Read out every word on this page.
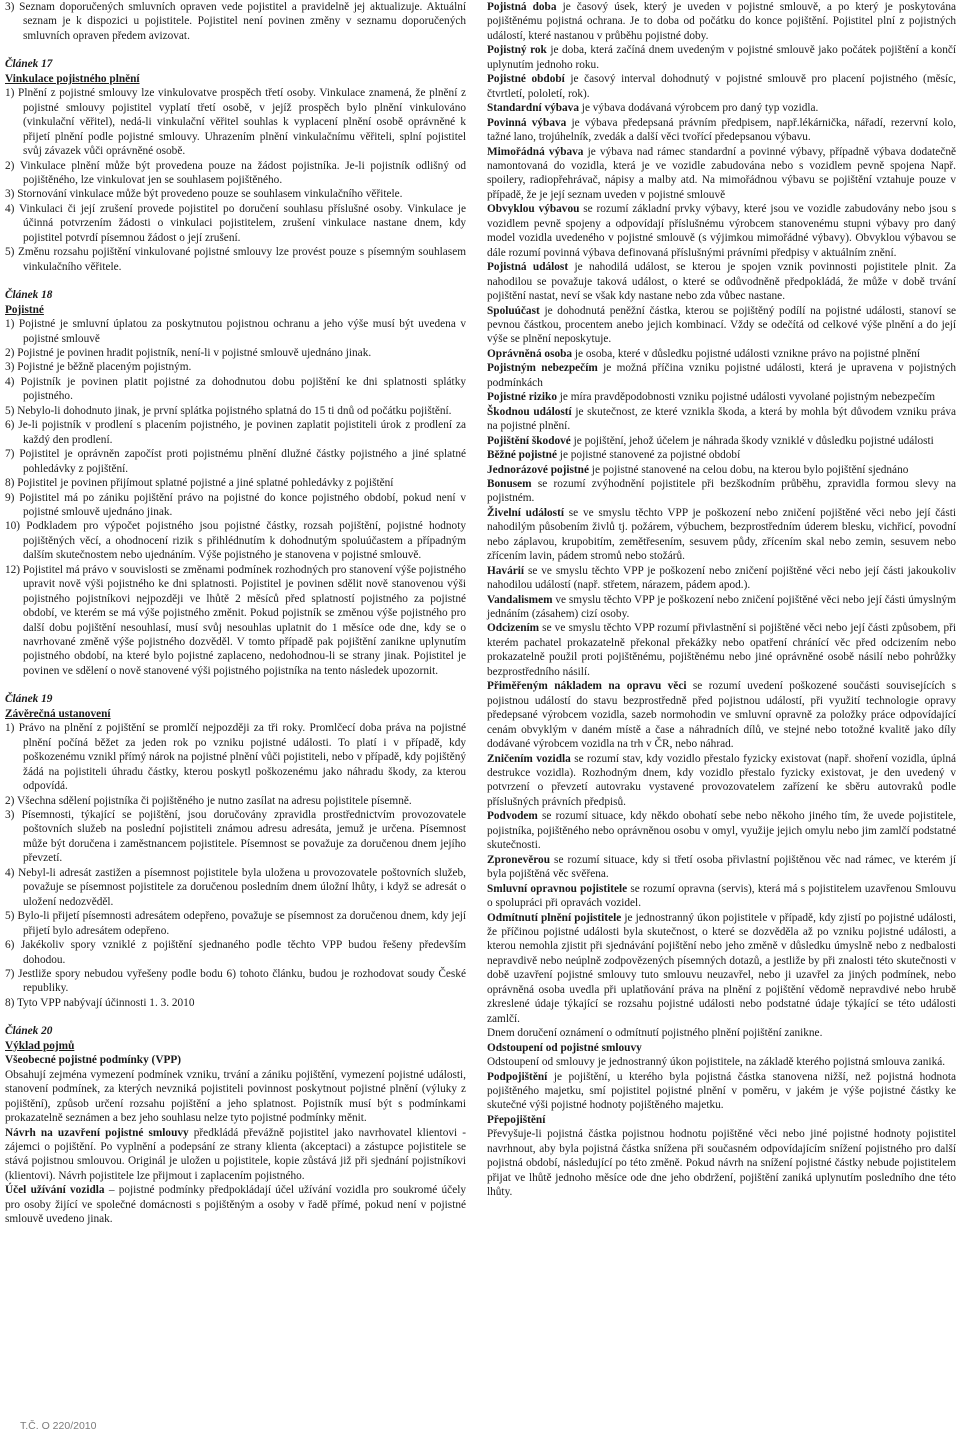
3) Seznam doporučených smluvních opraven vede pojistitel a pravidelně jej aktualizuje. Aktuální seznam je k dispozici u pojistitele. Pojistitel není povinen změny v seznamu doporučených smluvních opraven předem avizovat.

Článek 17

Vinkulace pojistného plnění

1) Plnění z pojistné smlouvy lze vinkulovatve prospěch třetí osoby. Vinkulace znamená, že plnění z pojistné smlouvy pojistitel vyplatí třetí osobě, v jejíž prospěch bylo plnění vinkulováno (vinkulační věřitel), nedá-li vinkulační věřitel souhlas k vyplacení plnění osobě oprávněné k přijetí plnění podle pojistné smlouvy. Uhrazením plnění vinkulačnímu věřiteli, splní pojistitel svůj závazek vůči oprávněné osobě.

2) Vinkulace plnění může být provedena pouze na žádost pojistníka. Je-li pojistník odlišný od pojištěného, lze vinkulovat jen se souhlasem pojištěného.

3) Stornování vinkulace může být provedeno pouze se souhlasem vinkulačního věřitele.

4) Vinkulaci či její zrušení provede pojistitel po doručení souhlasu příslušné osoby. Vinkulace je účinná potvrzením žádosti o vinkulaci pojistitelem, zrušení vinkulace nastane dnem, kdy pojistitel potvrdí písemnou žádost o její zrušení.

5) Změnu rozsahu pojištění vinkulované pojistné smlouvy lze provést pouze s písemným souhlasem vinkulačního věřitele.

Článek 18

Pojistné

1) Pojistné je smluvní úplatou za poskytnutou pojistnou ochranu a jeho výše musí být uvedena v pojistné smlouvě

2) Pojistné je povinen hradit pojistník, není-li v pojistné smlouvě ujednáno jinak.

3) Pojistné je běžně placeným pojistným.

4) Pojistník je povinen platit pojistné za dohodnutou dobu pojištění ke dni splatnosti splátky pojistného.

5) Nebylo-li dohodnuto jinak, je první splátka pojistného splatná do 15 ti dnů od počátku pojištění.

6) Je-li pojistník v prodlení s placením pojistného, je povinen zaplatit pojistiteli úrok z prodlení za každý den prodlení.

7) Pojistitel je oprávněn započíst proti pojistnému plnění dlužné částky pojistného a jiné splatné pohledávky z pojištění.

8) Pojistitel je povinen přijímout splatné pojistné a jiné splatné pohledávky z pojištění

9) Pojistitel má po zániku pojištění právo na pojistné do konce pojistného období, pokud není v pojistné smlouvě ujednáno jinak.

10) Podkladem pro výpočet pojistného jsou pojistné částky, rozsah pojištění, pojistné hodnoty pojištěných věcí, a ohodnocení rizik s přihlédnutím k dohodnutým spoluúčastem a případným dalším skutečnostem nebo ujednáním. Výše pojistného je stanovena v pojistné smlouvě.

12) Pojistitel má právo v souvislosti se změnami podmínek rozhodných pro stanovení výše pojistného upravit nově výši pojistného ke dni splatnosti. Pojistitel je povinen sdělit nově stanovenou výši pojistného pojistníkovi nejpozději ve lhůtě 2 měsíců před splatností pojistného za pojistné období, ve kterém se má výše pojistného změnit. Pokud pojistník se změnou výše pojistného pro další dobu pojištění nesouhlasí, musí svůj nesouhlas uplatnit do 1 měsíce ode dne, kdy se o navrhované změně výše pojistného dozvěděl. V tomto případě pak pojištění zanikne uplynutím pojistného období, na které bylo pojistné zaplaceno, nedohodnou-li se strany jinak. Pojistitel je povinen ve sdělení o nově stanovené výši pojistného pojistníka na tento následek upozornit.

Článek 19

Závěrečná ustanovení

1) Právo na plnění z pojištění se promlčí nejpozději za tři roky. Promlčecí doba práva na pojistné plnění počíná běžet za jeden rok po vzniku pojistné události. To platí i v případě, kdy poškozenému vznikl přímý nárok na pojistné plnění vůči pojistiteli, nebo v případě, kdy pojištěný žádá na pojistiteli úhradu částky, kterou poskytl poškozenému jako náhradu škody, za kterou odpovídá.

2) Všechna sdělení pojistníka či pojištěného je nutno zasílat na adresu pojistitele písemně.

3) Písemnosti, týkající se pojištění, jsou doručovány zpravidla prostřednictvím provozovatele poštovních služeb na poslední pojistiteli známou adresu adresáta, jemuž je určena. Písemnost může být doručena i zaměstnancem pojistitele. Písemnost se považuje za doručenou dnem jejího převzetí.

4) Nebyl-li adresát zastižen a písemnost pojistitele byla uložena u provozovatele poštovních služeb, považuje se písemnost pojistitele za doručenou posledním dnem úložní lhůty, i když se adresát o uložení nedozvěděl.

5) Bylo-li přijetí písemnosti adresátem odepřeno, považuje se písemnost za doručenou dnem, kdy její přijetí bylo adresátem odepřeno.

6) Jakékoliv spory vzniklé z pojištění sjednaného podle těchto VPP budou řešeny především dohodou.

7) Jestliže spory nebudou vyřešeny podle bodu 6) tohoto článku, budou je rozhodovat soudy České republiky.

8) Tyto VPP nabývají účinnosti 1. 3. 2010

Článek 20

Výklad pojmů

Všeobecné pojistné podmínky (VPP)

Obsahují zejména vymezení podmínek vzniku, trvání a zániku pojištění, vymezení pojistné události, stanovení podmínek, za kterých nevzniká pojistiteli povinnost poskytnout pojistné plnění (výluky z pojištění), způsob určení rozsahu pojištění a jeho splatnost. Pojistník musí být s podmínkami prokazatelně seznámen a bez jeho souhlasu nelze tyto pojistné podmínky měnit.

Návrh na uzavření pojistné smlouvy předkládá převážně pojistitel jako navrhovatel klientovi - zájemci o pojištění. Po vyplnění a podepsání ze strany klienta (akceptaci) a zástupce pojistitele se stává pojistnou smlouvou. Originál je uložen u pojistitele, kopie zůstává již při sjednání pojistníkovi (klientovi). Návrh pojistitele lze přijmout i zaplacením pojistného.

Účel užívání vozidla – pojistné podmínky předpokládají účel užívání vozidla pro soukromé účely pro osoby žijící ve společné domácnosti s pojištěným a osoby v řadě přímé, pokud není v pojistné smlouvě uvedeno jinak.

Pojistná doba je časový úsek, který je uveden v pojistné smlouvě, a po který je poskytována pojištěnému pojistná ochrana. Je to doba od počátku do konce pojištění. Pojistitel plní z pojistných událostí, které nastanou v průběhu pojistné doby.

Pojistný rok je doba, která začíná dnem uvedeným v pojistné smlouvě jako počátek pojištění a končí uplynutím jednoho roku.

Pojistné období je časový interval dohodnutý v pojistné smlouvě pro placení pojistného (měsíc, čtvrtletí, pololetí, rok).

Standardní výbava je výbava dodávaná výrobcem pro daný typ vozidla.

Povinná výbava je výbava předepsaná právním předpisem, např.lékárnička, nářadí, rezervní kolo, tažné lano, trojúhelník, zvedák a další věci tvořící předepsanou výbavu.

Mimořádná výbava je výbava nad rámec standardní a povinné výbavy, případně výbava dodatečně namontovaná do vozidla, která je ve vozidle zabudována nebo s vozidlem pevně spojena Např. spoilery, radiopřehrávač, nápisy a malby atd. Na mimořádnou výbavu se pojištění vztahuje pouze v případě, že je její seznam uveden v pojistné smlouvě

Obvyklou výbavou se rozumí základní prvky výbavy, které jsou ve vozidle zabudovány nebo jsou s vozidlem pevně spojeny a odpovídají příslušnému výrobcem stanovenému stupni výbavy pro daný model vozidla uvedeného v pojistné smlouvě (s výjimkou mimořádné výbavy). Obvyklou výbavou se dále rozumí povinná výbava definovaná příslušnými právními předpisy v aktuálním znění.

Pojistná událost je nahodilá událost, se kterou je spojen vznik povinnosti pojistitele plnit. Za nahodilou se považuje taková událost, o které se odůvodněně předpokládá, že může v době trvání pojištění nastat, neví se však kdy nastane nebo zda vůbec nastane.

Spoluúčast je dohodnutá peněžní částka, kterou se pojištěný podílí na pojistné události, stanoví se pevnou částkou, procentem anebo jejich kombinací. Vždy se odečítá od celkové výše plnění a do její výše se plnění neposkytuje.

Oprávněná osoba je osoba, které v důsledku pojistné události vznikne právo na pojistné plnění

Pojistným nebezpečím je možná příčina vzniku pojistné události, která je upravena v pojistných podmínkách

Pojistné riziko je míra pravděpodobnosti vzniku pojistné události vyvolané pojistným nebezpečím

Škodnou událostí je skutečnost, ze které vznikla škoda, a která by mohla být důvodem vzniku práva na pojistné plnění.

Pojištění škodové je pojištění, jehož účelem je náhrada škody vzniklé v důsledku pojistné události

Běžné pojistné je pojistné stanovené za pojistné období

Jednorázové pojistné je pojistné stanovené na celou dobu, na kterou bylo pojištění sjednáno

Bonusem se rozumí zvýhodnění pojistitele při bezškodním průběhu, zpravidla formou slevy na pojistném.

Živelní událostí se ve smyslu těchto VPP je poškození nebo zničení pojištěné věci nebo její části nahodilým působením živlů tj. požárem, výbuchem, bezprostředním úderem blesku, vichřicí, povodní nebo záplavou, krupobitím, zemětřesením, sesuvem půdy, zřícením skal nebo zemin, sesuvem nebo zřícením lavin, pádem stromů nebo stožárů.

Havárií se ve smyslu těchto VPP je poškození nebo zničení pojištěné věci nebo její části jakoukoliv nahodilou událostí (např. střetem, nárazem, pádem apod.).

Vandalismem ve smyslu těchto VPP je poškození nebo zničení pojištěné věci nebo její části úmyslným jednáním (zásahem) cizí osoby.

Odcizením se ve smyslu těchto VPP rozumí přivlastnění si pojištěné věci nebo její části způsobem, při kterém pachatel prokazatelně překonal překážky nebo opatření chránící věc před odcizením nebo prokazatelně použil proti pojištěnému, pojištěnému nebo jiné oprávněné osobě násilí nebo pohrůžky bezprostředního násilí.

Přiměřeným nákladem na opravu věci se rozumí uvedení poškozené součásti souvisejících s pojistnou událostí do stavu bezprostředně před pojistnou událostí, při využití technologie opravy předepsané výrobcem vozidla, sazeb normohodin ve smluvní opravně za položky práce odpovídající cenám obvyklým v daném místě a čase a náhradních dílů, ve stejné nebo totožné kvalitě jako díly dodávané výrobcem vozidla na trh v ČR, nebo náhrad.

Zničením vozidla se rozumí stav, kdy vozidlo přestalo fyzicky existovat (např. shoření vozidla, úplná destrukce vozidla). Rozhodným dnem, kdy vozidlo přestalo fyzicky existovat, je den uvedený v potvrzení o převzetí autovraku vystavené provozovatelem zařízení ke sběru autovraků podle příslušných právních předpisů.

Podvodem se rozumí situace, kdy někdo obohatí sebe nebo někoho jiného tím, že uvede pojistitele, pojistníka, pojištěného nebo oprávněnou osobu v omyl, využije jejich omylu nebo jim zamlčí podstatné skutečnosti.

Zpronevěrou se rozumí situace, kdy si třetí osoba přivlastní pojištěnou věc nad rámec, ve kterém jí byla pojištěná věc svěřena.

Smluvní opravnou pojistitele se rozumí opravna (servis), která má s pojistitelem uzavřenou Smlouvu o spolupráci při opravách vozidel.

Odmítnutí plnění pojistitele je jednostranný úkon pojistitele v případě, kdy zjistí po pojistné události, že příčinou pojistné události byla skutečnost, o které se dozvěděla až po vzniku pojistné události, a kterou nemohla zjistit při sjednávání pojištění nebo jeho změně v důsledku úmyslně nebo z nedbalosti nepravdivě nebo neúplně zodpovězených písemných dotazů, a jestliže by při znalosti této skutečnosti v době uzavření pojistné smlouvy tuto smlouvu neuzavřel, nebo ji uzavřel za jiných podmínek, nebo oprávněná osoba uvedla při uplatňování práva na plnění z pojištění vědomě nepravdivé nebo hrubě zkreslené údaje týkající se rozsahu pojistné události nebo podstatné údaje týkající se této události zamlčí.

Dnem doručení oznámení o odmítnutí pojistného plnění pojištění zanikne.

Odstoupení od pojistné smlouvy

Odstoupení od smlouvy je jednostranný úkon pojistitele, na základě kterého pojistná smlouva zaniká.

Podpojištění je pojištění, u kterého byla pojistná částka stanovena nižší, než pojistná hodnota pojištěného majetku, smí pojistitel pojistné plnění v poměru, v jakém je výše pojistné částky ke skutečné výši pojistné hodnoty pojištěného majetku.

Přepojištění

Převyšuje-li pojistná částka pojistnou hodnotu pojištěné věci nebo jiné pojistné hodnoty pojistitel navrhnout, aby byla pojistná částka snížena při současném odpovídajícím snížení pojistného pro další pojistná období, následující po této změně. Pokud návrh na snížení pojistné částky nebude pojistitelem přijat ve lhůtě jednoho měsíce ode dne jeho obdržení, pojištění zaniká uplynutím posledního dne této lhůty.

T.Č. O 220/2010
